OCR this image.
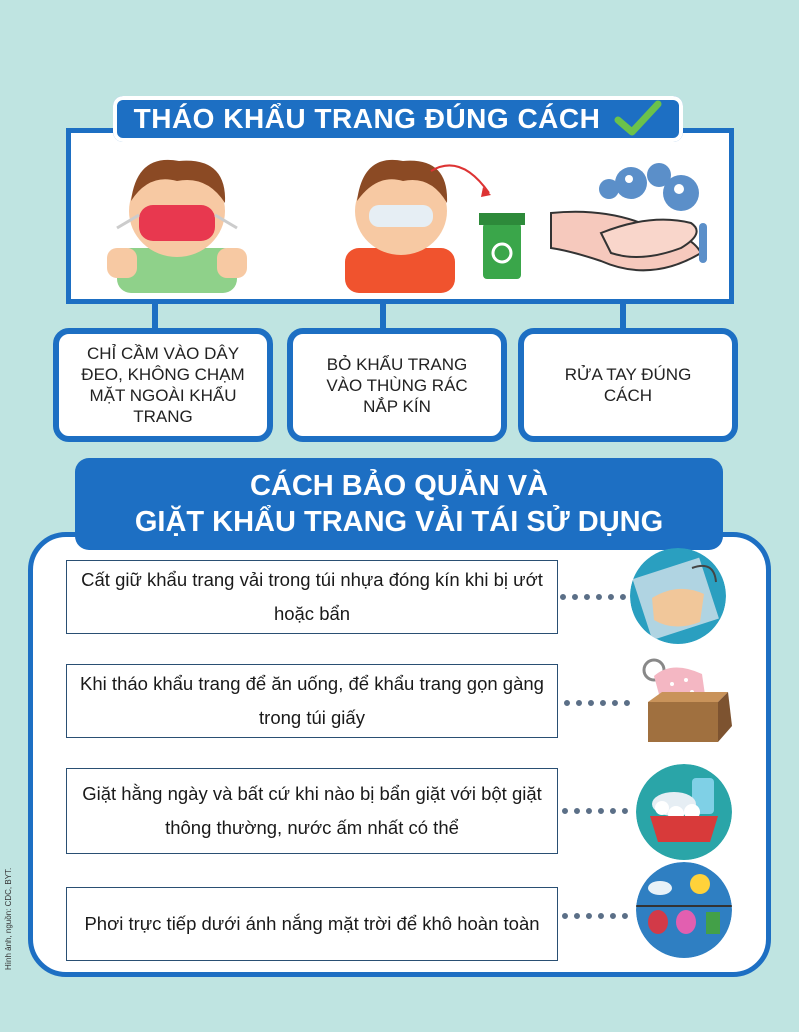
THÁO KHẨU TRANG ĐÚNG CÁCH
CHỈ CẦM VÀO DÂY ĐEO, KHÔNG CHẠM MẶT NGOÀI KHẨU TRANG
BỎ KHẨU TRANG VÀO THÙNG RÁC NẮP KÍN
RỬA TAY ĐÚNG CÁCH
CÁCH BẢO QUẢN VÀ
GIẶT KHẨU TRANG VẢI TÁI SỬ DỤNG
Cất giữ khẩu trang vải trong túi nhựa đóng kín khi bị ướt hoặc bẩn
Khi tháo khẩu trang để ăn uống, để khẩu trang gọn gàng trong túi giấy
Giặt hằng ngày và bất cứ khi nào bị bẩn giặt với bột giặt thông thường, nước ấm nhất có thể
Phơi trực tiếp dưới ánh nắng mặt trời để khô hoàn toàn
Hình ảnh, nguồn: CDC, BYT.
